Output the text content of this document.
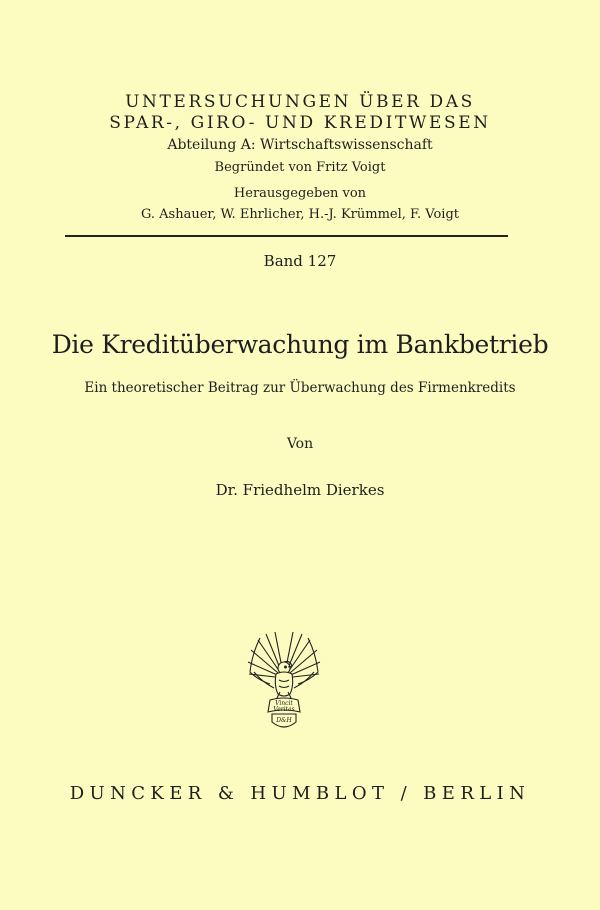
UNTERSUCHUNGEN ÜBER DAS
SPAR-, GIRO- UND KREDITWESEN
Abteilung A: Wirtschaftswissenschaft
Begründet von Fritz Voigt
Herausgegeben von
G. Ashauer, W. Ehrlicher, H.-J. Krümmel, F. Voigt
Band 127
Die Kreditüberwachung im Bankbetrieb
Ein theoretischer Beitrag zur Überwachung des Firmenkredits
Von
Dr. Friedhelm Dierkes
Vincit
Veritas
D&H
DUNCKER & HUMBLOT / BERLIN
